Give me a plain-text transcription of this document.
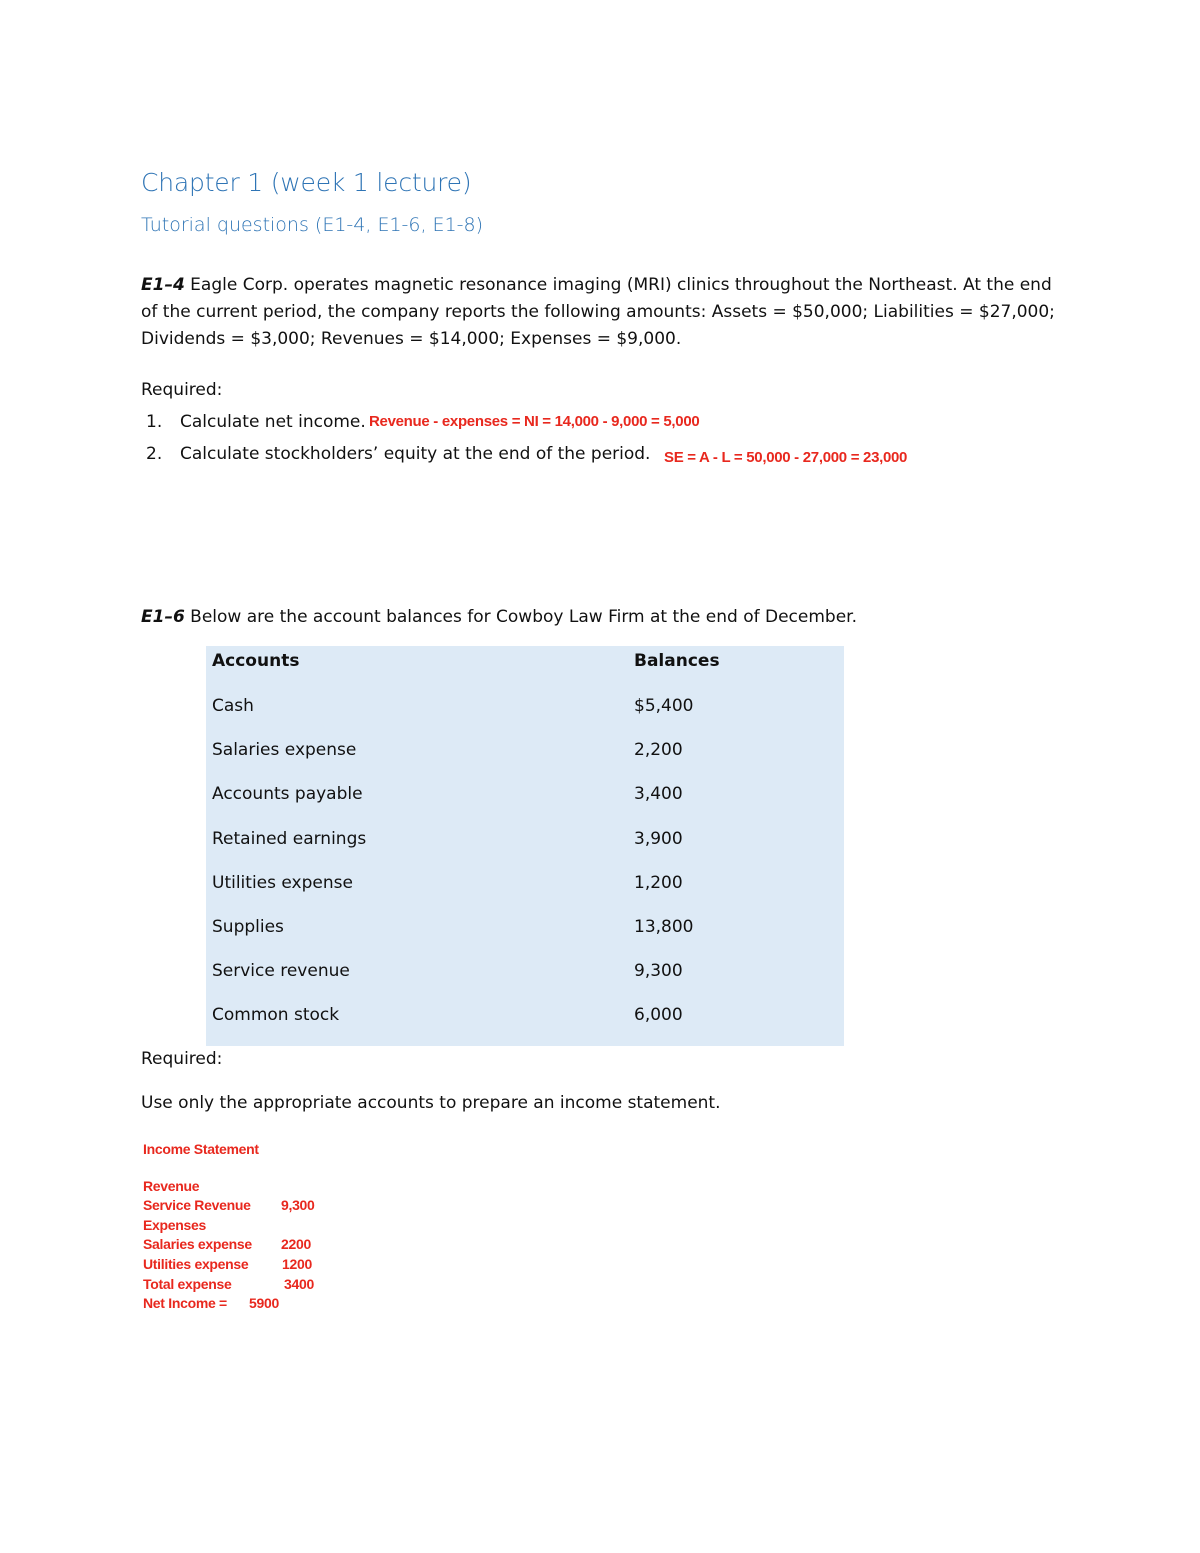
Chapter 1 (week 1 lecture)
Tutorial questions (E1-4, E1-6, E1-8)
E1–4 Eagle Corp. operates magnetic resonance imaging (MRI) clinics throughout the Northeast. At the end of the current period, the company reports the following amounts: Assets = $50,000; Liabilities = $27,000; Dividends = $3,000; Revenues = $14,000; Expenses = $9,000.
Required:
1. Calculate net income. Revenue - expenses = NI = 14,000 - 9,000 = 5,000
2. Calculate stockholders’ equity at the end of the period. SE = A - L = 50,000 - 27,000 = 23,000
E1–6 Below are the account balances for Cowboy Law Firm at the end of December.
Accounts	Balances
Cash	$5,400
Salaries expense	2,200
Accounts payable	3,400
Retained earnings	3,900
Utilities expense	1,200
Supplies	13,800
Service revenue	9,300
Common stock	6,000
Required:
Use only the appropriate accounts to prepare an income statement.
Income Statement
Revenue
Service Revenue 9,300
Expenses
Salaries expense 2200
Utilities expense 1200
Total expense	3400
Net Income = 5900
